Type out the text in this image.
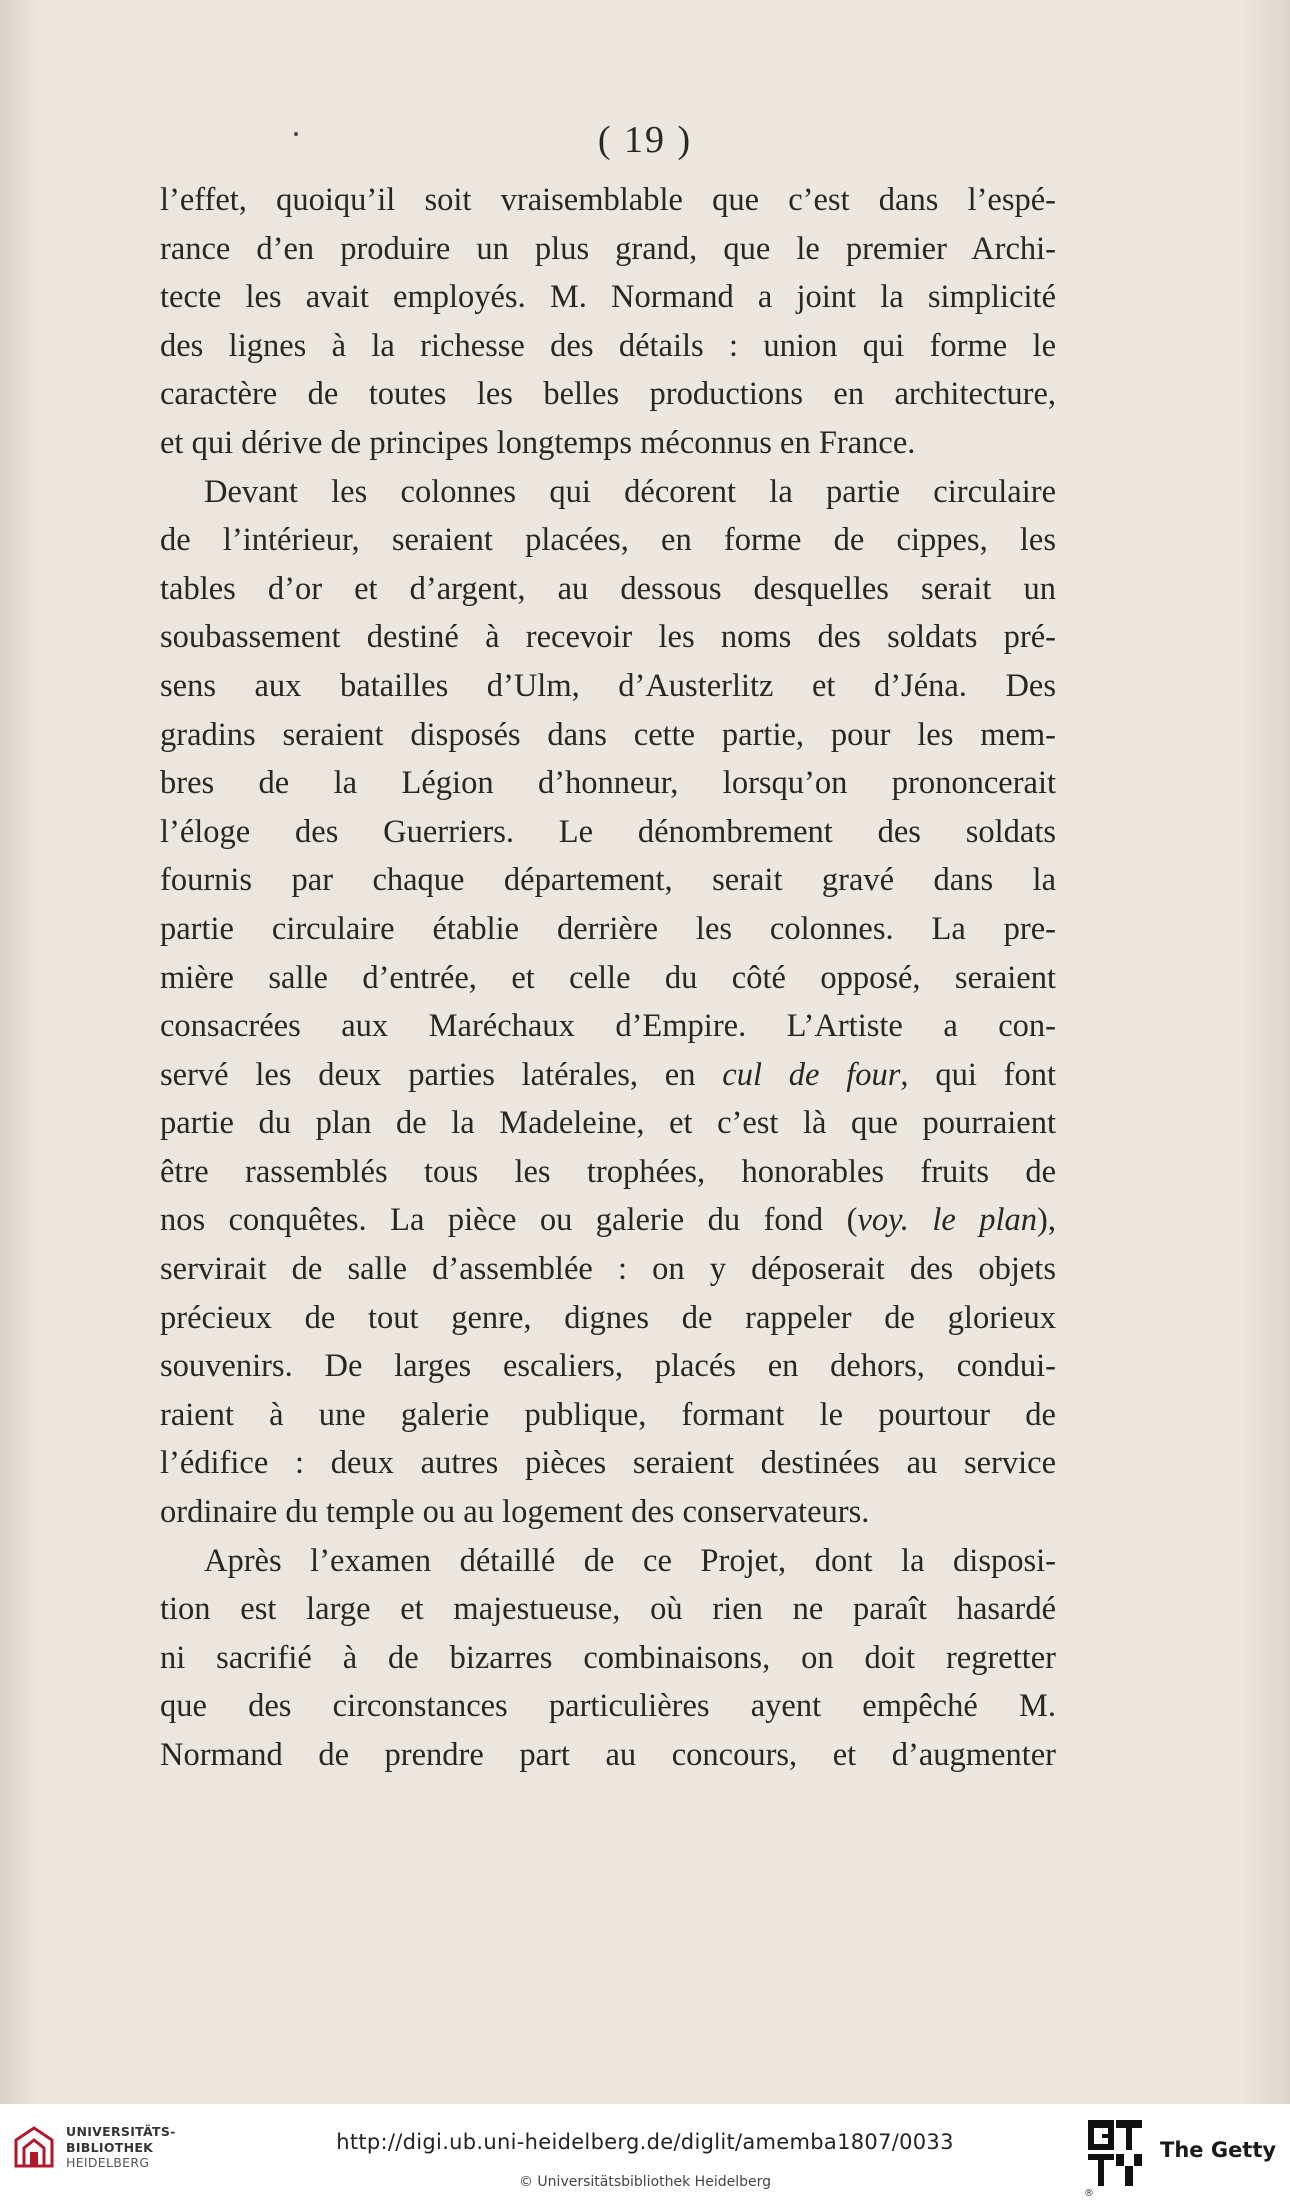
( 19 )
l’effet, quoiqu’il soit vraisemblable que c’est dans l’espé-
rance d’en produire un plus grand, que le premier Archi-
tecte les avait employés. M. Normand a joint la simplicité
des lignes à la richesse des détails : union qui forme le
caractère de toutes les belles productions en architecture,
et qui dérive de principes longtemps méconnus en France.
Devant les colonnes qui décorent la partie circulaire
de l’intérieur, seraient placées, en forme de cippes, les
tables d’or et d’argent, au dessous desquelles serait un
soubassement destiné à recevoir les noms des soldats pré-
sens aux batailles d’Ulm, d’Austerlitz et d’Jéna. Des
gradins seraient disposés dans cette partie, pour les mem-
bres de la Légion d’honneur, lorsqu’on prononcerait
l’éloge des Guerriers. Le dénombrement des soldats
fournis par chaque département, serait gravé dans la
partie circulaire établie derrière les colonnes. La pre-
mière salle d’entrée, et celle du côté opposé, seraient
consacrées aux Maréchaux d’Empire. L’Artiste a con-
servé les deux parties latérales, en cul de four, qui font
partie du plan de la Madeleine, et c’est là que pourraient
être rassemblés tous les trophées, honorables fruits de
nos conquêtes. La pièce ou galerie du fond (voy. le plan),
servirait de salle d’assemblée : on y déposerait des objets
précieux de tout genre, dignes de rappeler de glorieux
souvenirs. De larges escaliers, placés en dehors, condui-
raient à une galerie publique, formant le pourtour de
l’édifice : deux autres pièces seraient destinées au service
ordinaire du temple ou au logement des conservateurs.
Après l’examen détaillé de ce Projet, dont la disposi-
tion est large et majestueuse, où rien ne paraît hasardé
ni sacrifié à de bizarres combinaisons, on doit regretter
que des circonstances particulières ayent empêché M.
Normand de prendre part au concours, et d’augmenter
UNIVERSITÄTS-
BIBLIOTHEK
HEIDELBERG
http://digi.ub.uni-heidelberg.de/diglit/amemba1807/0033
© Universitätsbibliothek Heidelberg
®
The Getty
